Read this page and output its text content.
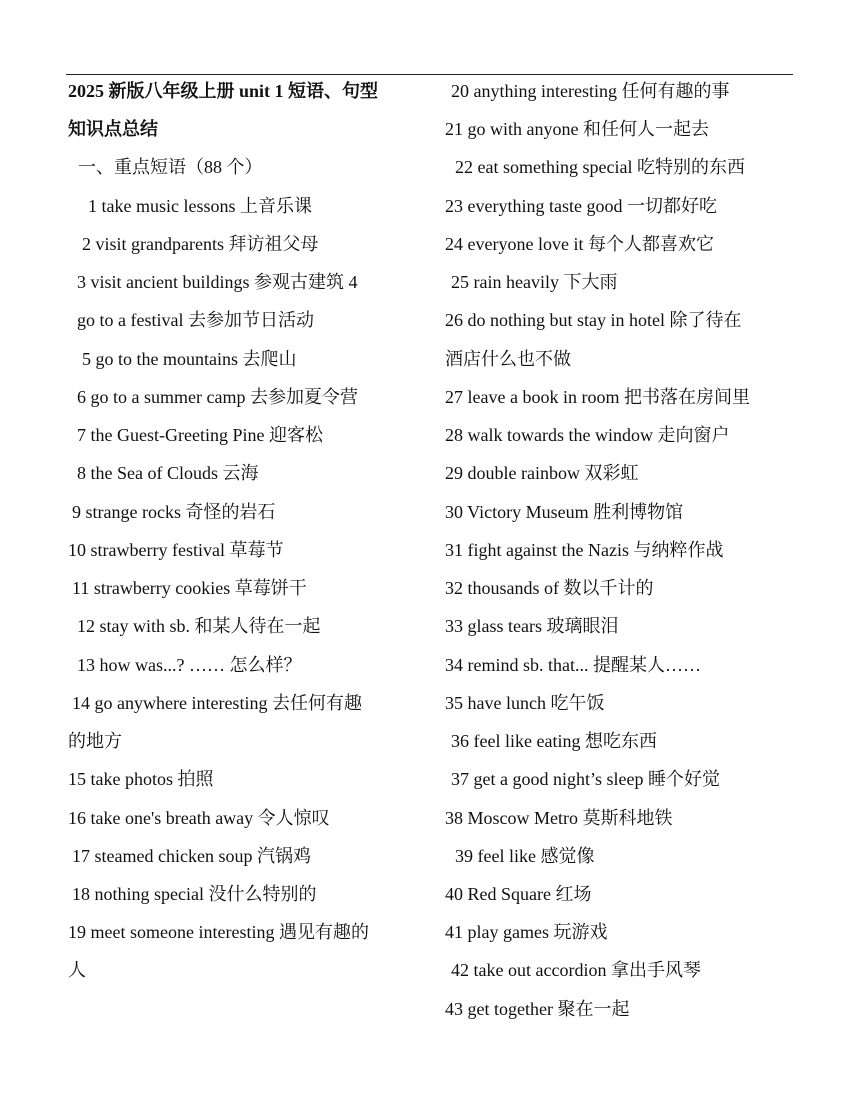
2025 新版八年级上册 unit 1 短语、句型
知识点总结
一、重点短语（88 个）
1 take music lessons 上音乐课
2 visit grandparents 拜访祖父母
3 visit ancient buildings 参观古建筑 4
go to a festival 去参加节日活动
5 go to the mountains 去爬山
6 go to a summer camp 去参加夏令营
7 the Guest-Greeting Pine 迎客松
8 the Sea of Clouds 云海
9 strange rocks 奇怪的岩石
10 strawberry festival 草莓节
11 strawberry cookies 草莓饼干
12 stay with sb. 和某人待在一起
13 how was...? …… 怎么样？
14 go anywhere interesting 去任何有趣
的地方
15 take photos 拍照
16 take one's breath away 令人惊叹
17 steamed chicken soup 汽锅鸡
18 nothing special 没什么特别的
19 meet someone interesting 遇见有趣的
人
20 anything interesting 任何有趣的事
21 go with anyone 和任何人一起去
22 eat something special 吃特别的东西
23 everything taste good 一切都好吃
24 everyone love it 每个人都喜欢它
25 rain heavily 下大雨
26 do nothing but stay in hotel 除了待在
酒店什么也不做
27 leave a book in room 把书落在房间里
28 walk towards the window 走向窗户
29 double rainbow 双彩虹
30 Victory Museum 胜利博物馆
31 fight against the Nazis 与纳粹作战
32 thousands of 数以千计的
33 glass tears 玻璃眼泪
34 remind sb. that... 提醒某人……
35 have lunch 吃午饭
36 feel like eating 想吃东西
37 get a good night’s sleep 睡个好觉
38 Moscow Metro 莫斯科地铁
39 feel like 感觉像
40 Red Square 红场
41 play games 玩游戏
42 take out accordion 拿出手风琴
43 get together 聚在一起
